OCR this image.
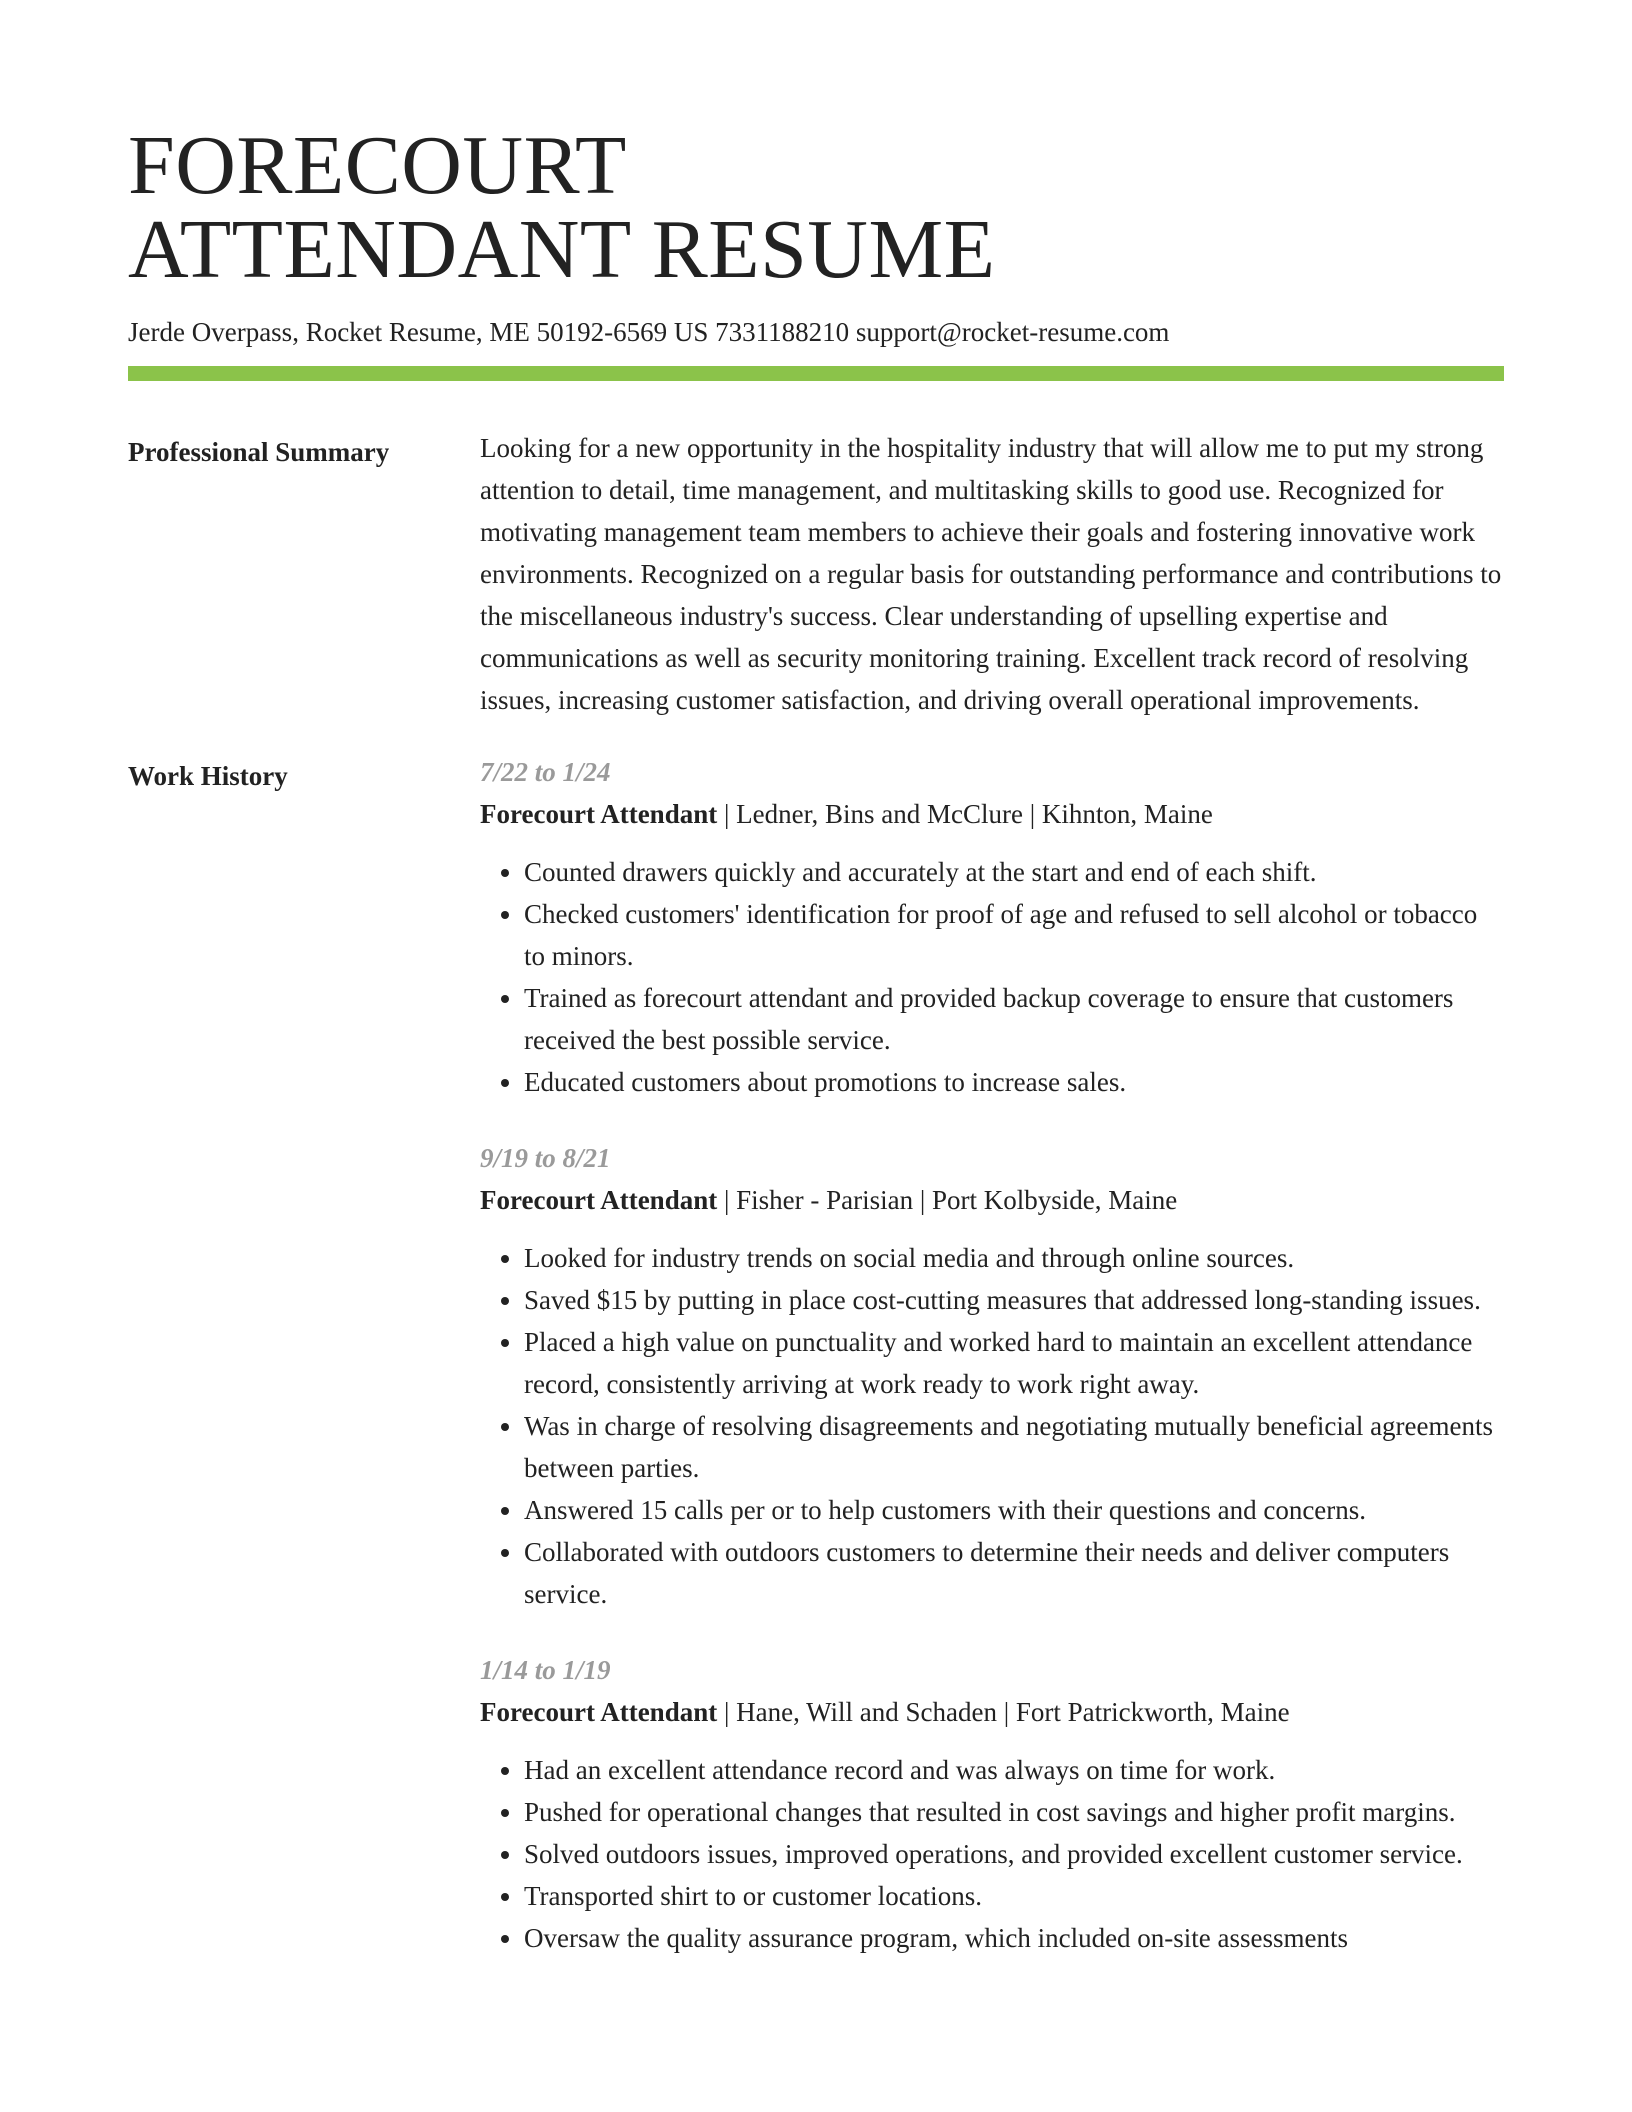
FORECOURT
ATTENDANT RESUME
Jerde Overpass, Rocket Resume, ME 50192-6569 US 7331188210 support@rocket-resume.com
Professional Summary	Looking for a new opportunity in the hospitality industry that will allow me to put my strong attention to detail, time management, and multitasking skills to good use. Recognized for motivating management team members to achieve their goals and fostering innovative work environments. Recognized on a regular basis for outstanding performance and contributions to the miscellaneous industry's success. Clear understanding of upselling expertise and communications as well as security monitoring training. Excellent track record of resolving issues, increasing customer satisfaction, and driving overall operational improvements.

Work History	7/22 to 1/24
Forecourt Attendant | Ledner, Bins and McClure | Kihnton, Maine
• Counted drawers quickly and accurately at the start and end of each shift.
• Checked customers' identification for proof of age and refused to sell alcohol or tobacco to minors.
• Trained as forecourt attendant and provided backup coverage to ensure that customers received the best possible service.
• Educated customers about promotions to increase sales.
9/19 to 8/21
Forecourt Attendant | Fisher - Parisian | Port Kolbyside, Maine
• Looked for industry trends on social media and through online sources.
• Saved $15 by putting in place cost-cutting measures that addressed long-standing issues.
• Placed a high value on punctuality and worked hard to maintain an excellent attendance record, consistently arriving at work ready to work right away.
• Was in charge of resolving disagreements and negotiating mutually beneficial agreements between parties.
• Answered 15 calls per or to help customers with their questions and concerns.
• Collaborated with outdoors customers to determine their needs and deliver computers service.
1/14 to 1/19
Forecourt Attendant | Hane, Will and Schaden | Fort Patrickworth, Maine
• Had an excellent attendance record and was always on time for work.
• Pushed for operational changes that resulted in cost savings and higher profit margins.
• Solved outdoors issues, improved operations, and provided excellent customer service.
• Transported shirt to or customer locations.
• Oversaw the quality assurance program, which included on-site assessments
